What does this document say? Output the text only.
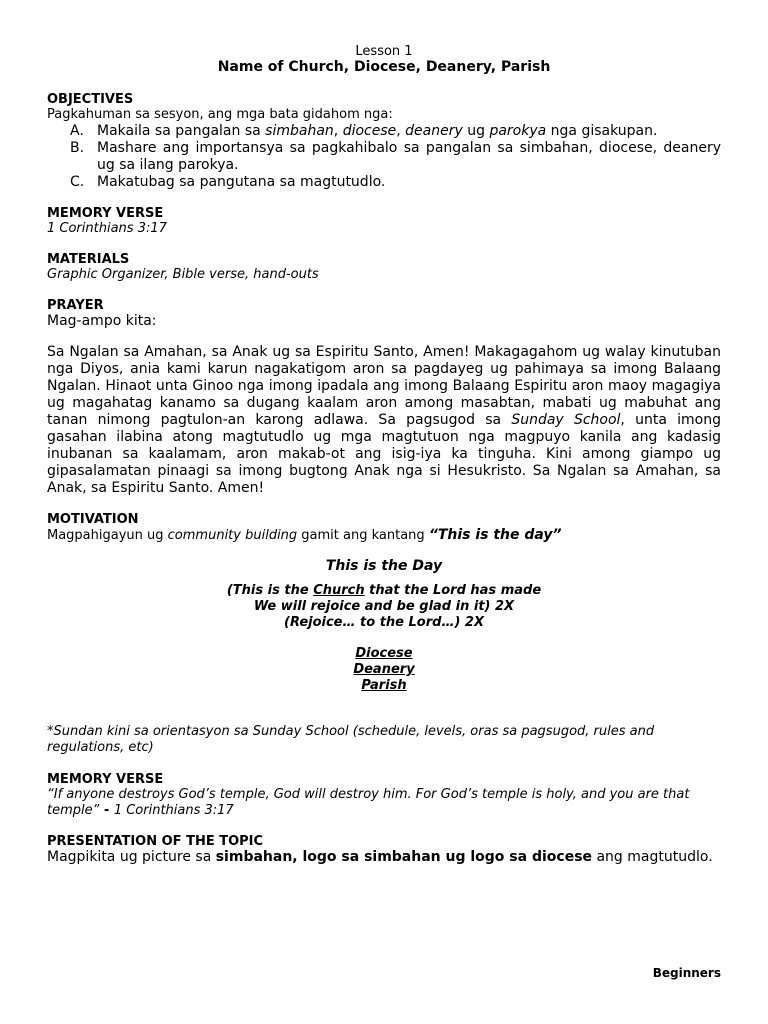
Lesson 1
Name of Church, Diocese, Deanery, Parish
OBJECTIVES
Pagkahuman sa sesyon, ang mga bata gidahom nga:
A. Makaila sa pangalan sa simbahan, diocese, deanery ug parokya nga gisakupan.
B. Mashare ang importansya sa pagkahibalo sa pangalan sa simbahan, diocese, deanery ug sa ilang parokya.
C. Makatubag sa pangutana sa magtutudlo.
MEMORY VERSE
1 Corinthians 3:17
MATERIALS
Graphic Organizer, Bible verse, hand-outs
PRAYER
Mag-ampo kita:
Sa Ngalan sa Amahan, sa Anak ug sa Espiritu Santo, Amen! Makagagahom ug walay kinutuban nga Diyos, ania kami karun nagakatigom aron sa pagdayeg ug pahimaya sa imong Balaang Ngalan. Hinaot unta Ginoo nga imong ipadala ang imong Balaang Espiritu aron maoy magagiya ug magahatag kanamo sa dugang kaalam aron among masabtan, mabati ug mabuhat ang tanan nimong pagtulon-an karong adlawa. Sa pagsugod sa Sunday School, unta imong gasahan ilabina atong magtutudlo ug mga magtutuon nga magpuyo kanila ang kadasig inubanan sa kaalamam, aron makab-ot ang isig-iya ka tinguha. Kini among giampo ug gipasalamatan pinaagi sa imong bugtong Anak nga si Hesukristo. Sa Ngalan sa Amahan, sa Anak, sa Espiritu Santo. Amen!
MOTIVATION
Magpahigayun ug community building gamit ang kantang “This is the day”
This is the Day
(This is the Church that the Lord has made
We will rejoice and be glad in it) 2X
(Rejoice… to the Lord…) 2X
Diocese
Deanery
Parish
*Sundan kini sa orientasyon sa Sunday School (schedule, levels, oras sa pagsugod, rules and regulations, etc)
MEMORY VERSE
“If anyone destroys God’s temple, God will destroy him. For God’s temple is holy, and you are that temple” - 1 Corinthians 3:17
PRESENTATION OF THE TOPIC
Magpikita ug picture sa simbahan, logo sa simbahan ug logo sa diocese ang magtutudlo.
Beginners
